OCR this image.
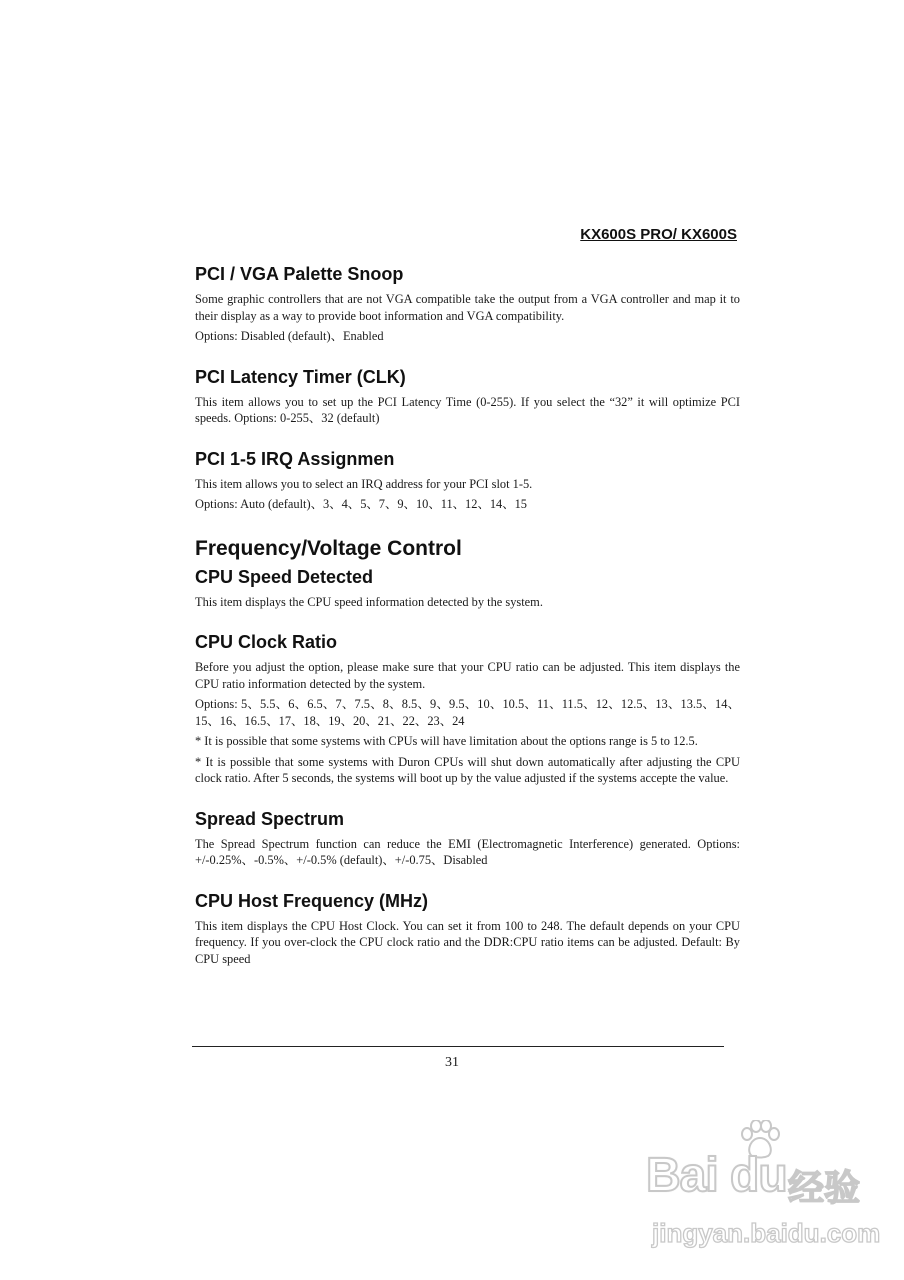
KX600S PRO/ KX600S
PCI / VGA Palette Snoop

Some graphic controllers that are not VGA compatible take the output from a VGA controller and map it to their display as a way to provide boot information and VGA compatibility.

Options: Disabled (default)、Enabled

PCI Latency Timer (CLK)

This item allows you to set up the PCI Latency Time (0-255). If you select the “32” it will optimize PCI speeds. Options: 0-255、32 (default)

PCI 1-5 IRQ Assignmen

This item allows you to select an IRQ address for your PCI slot 1-5.

Options: Auto (default)、3、4、5、7、9、10、11、12、14、15

Frequency/Voltage Control
CPU Speed Detected

This item displays the CPU speed information detected by the system.

CPU Clock Ratio

Before you adjust the option, please make sure that your CPU ratio can be adjusted. This item displays the CPU ratio information detected by the system.

Options: 5、5.5、6、6.5、7、7.5、8、8.5、9、9.5、10、10.5、11、11.5、12、12.5、13、13.5、14、15、16、16.5、17、18、19、20、21、22、23、24

* It is possible that some systems with CPUs will have limitation about the options range is 5 to 12.5.

* It is possible that some systems with Duron CPUs will shut down automatically after adjusting the CPU clock ratio. After 5 seconds, the systems will boot up by the value adjusted if the systems accepte the value.

Spread Spectrum

The Spread Spectrum function can reduce the EMI (Electromagnetic Interference) generated. Options: +/-0.25%、-0.5%、+/-0.5% (default)、+/-0.75、Disabled

CPU Host Frequency (MHz)

This item displays the CPU Host Clock. You can set it from 100 to 248. The default depends on your CPU frequency. If you over-clock the CPU clock ratio and the DDR:CPU ratio items can be adjusted. Default: By CPU speed

31
Bai du 经验
jingyan.baidu.com
